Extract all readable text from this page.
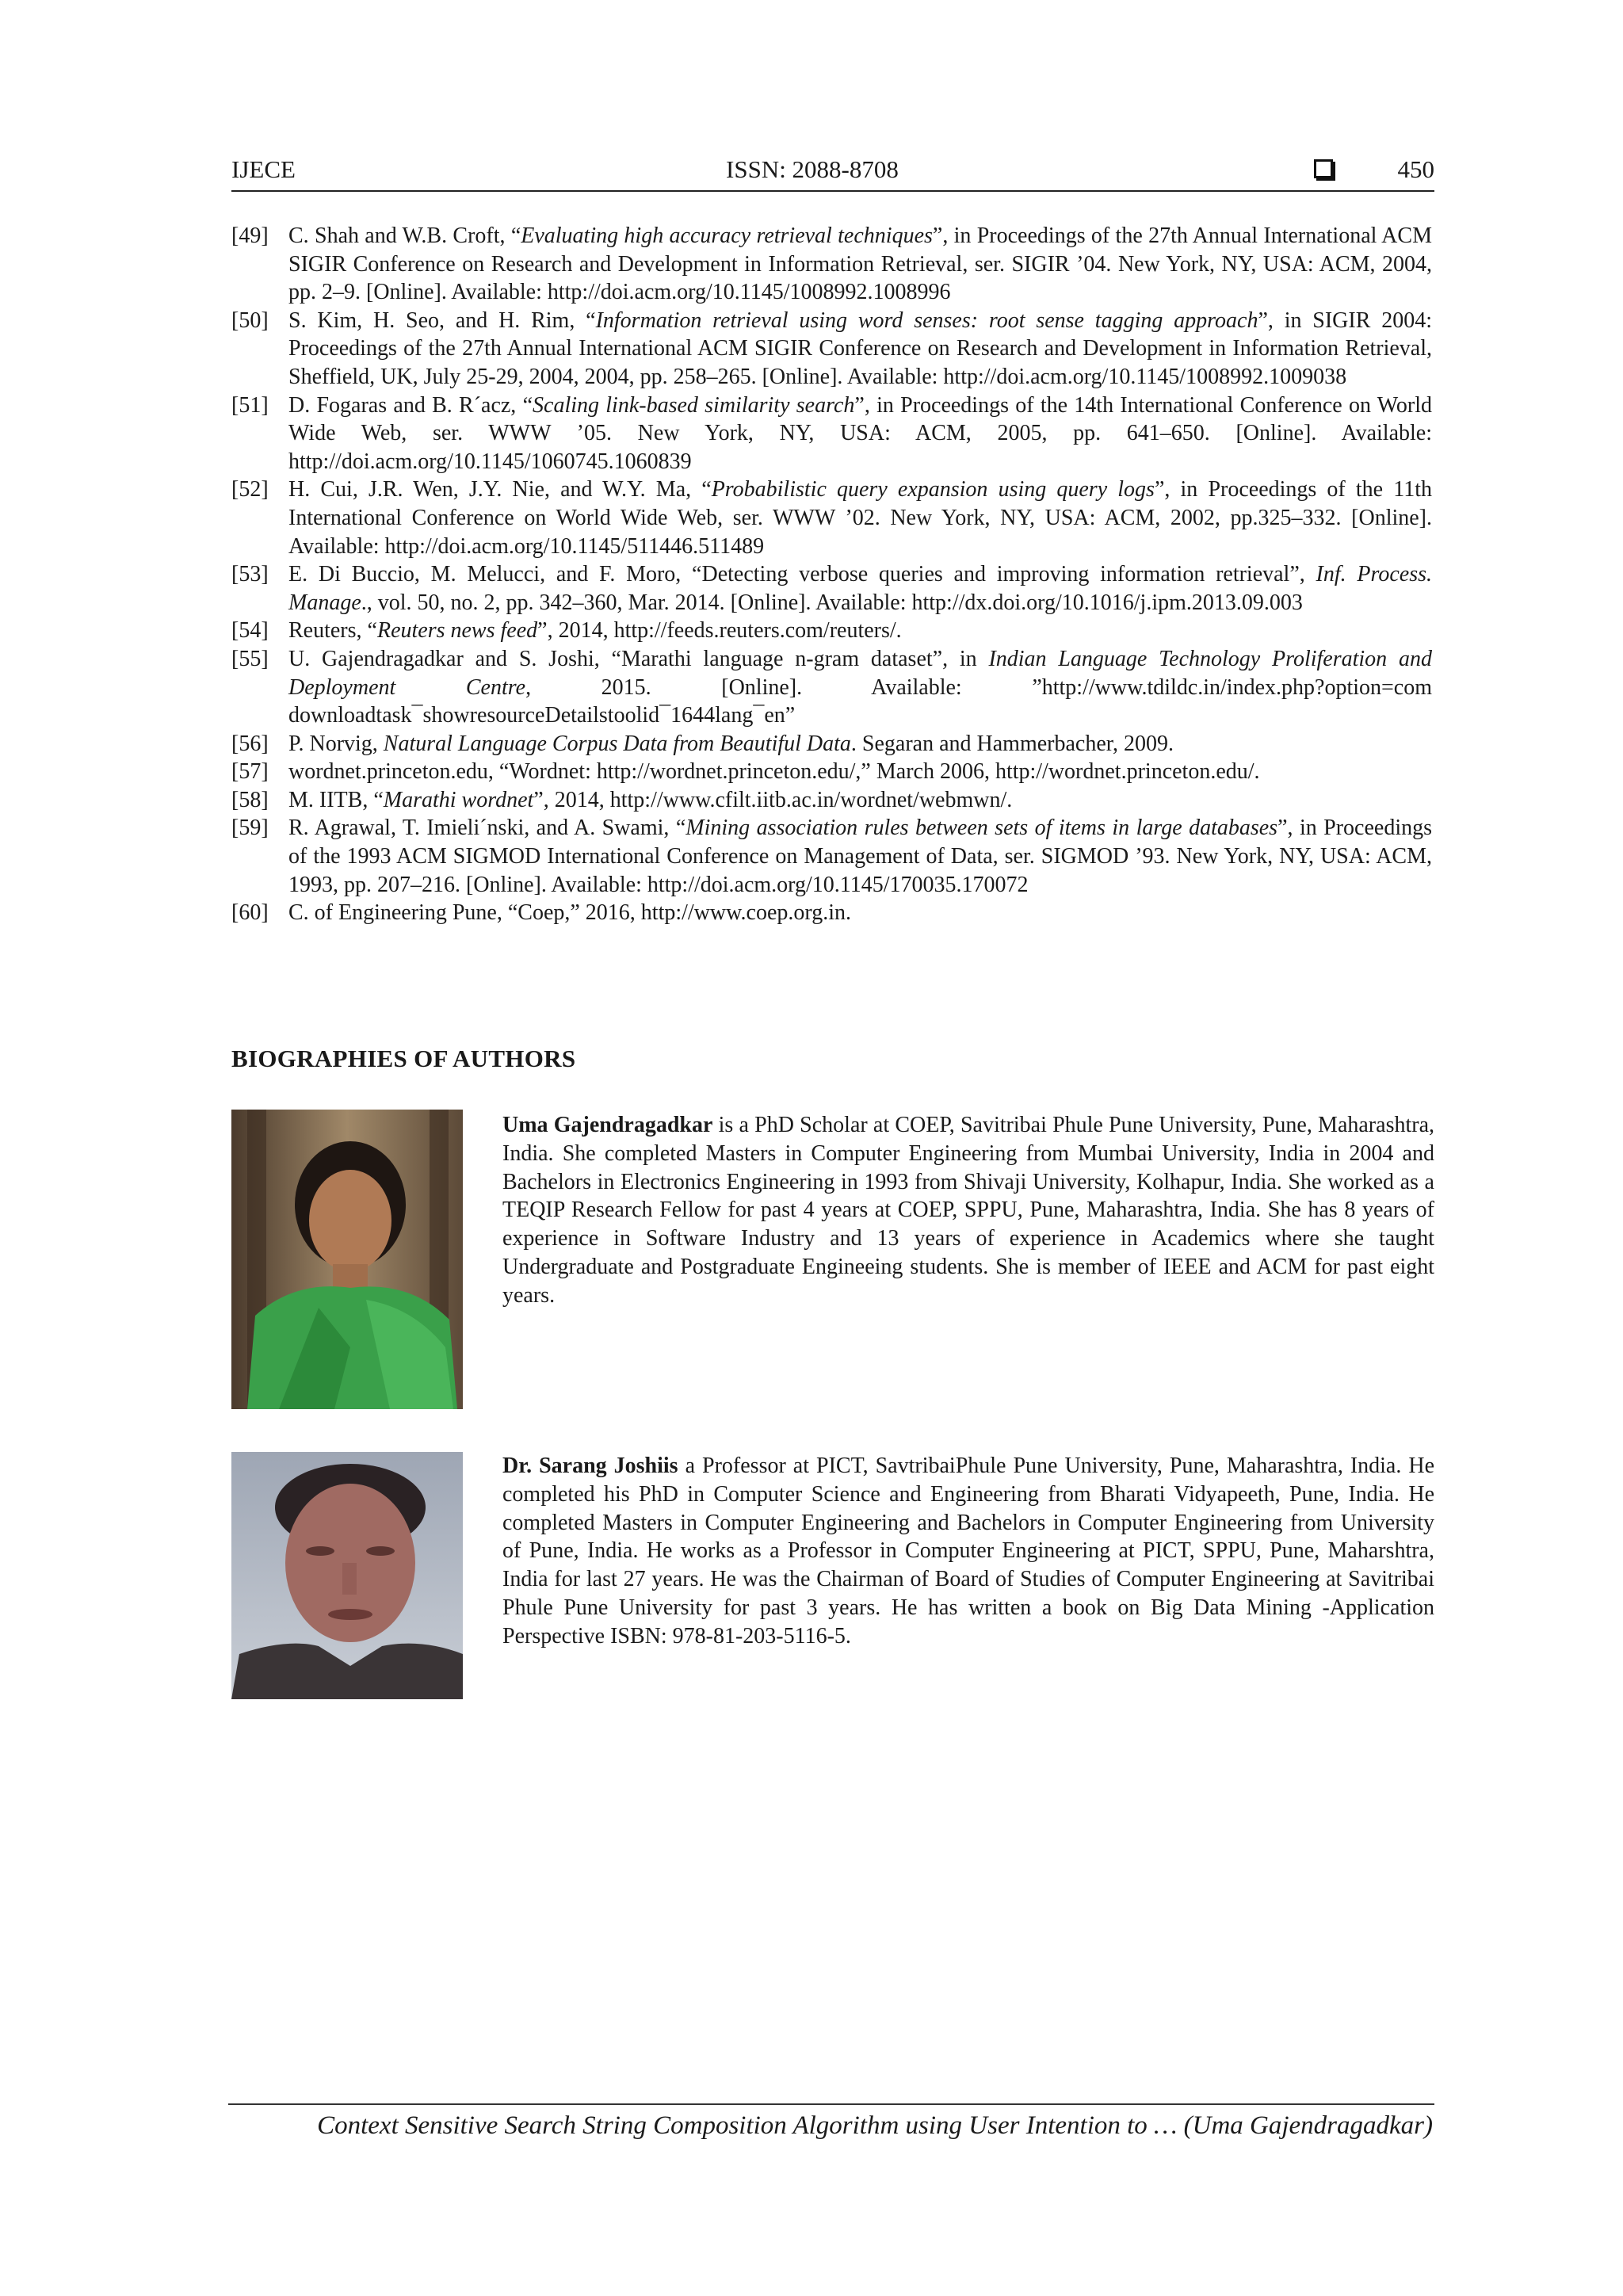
IJECE	ISSN: 2088-8708	450
[49] C. Shah and W.B. Croft, “Evaluating high accuracy retrieval techniques”, in Proceedings of the 27th Annual International ACM SIGIR Conference on Research and Development in Information Retrieval, ser. SIGIR ’04. New York, NY, USA: ACM, 2004, pp. 2–9. [Online]. Available: http://doi.acm.org/10.1145/1008992.1008996
[50] S. Kim, H. Seo, and H. Rim, “Information retrieval using word senses: root sense tagging approach”, in SIGIR 2004: Proceedings of the 27th Annual International ACM SIGIR Conference on Research and Development in Information Retrieval, Sheffield, UK, July 25-29, 2004, 2004, pp. 258–265. [Online]. Available: http://doi.acm.org/10.1145/1008992.1009038
[51] D. Fogaras and B. R´acz, “Scaling link-based similarity search”, in Proceedings of the 14th International Conference on World Wide Web, ser. WWW ’05. New York, NY, USA: ACM, 2005, pp. 641–650. [Online]. Available: http://doi.acm.org/10.1145/1060745.1060839
[52] H. Cui, J.R. Wen, J.Y. Nie, and W.Y. Ma, “Probabilistic query expansion using query logs”, in Proceedings of the 11th International Conference on World Wide Web, ser. WWW ’02. New York, NY, USA: ACM, 2002, pp.325–332. [Online]. Available: http://doi.acm.org/10.1145/511446.511489
[53] E. Di Buccio, M. Melucci, and F. Moro, “Detecting verbose queries and improving information retrieval”, Inf. Process. Manage., vol. 50, no. 2, pp. 342–360, Mar. 2014. [Online]. Available: http://dx.doi.org/10.1016/j.ipm.2013.09.003
[54] Reuters, “Reuters news feed”, 2014, http://feeds.reuters.com/reuters/.
[55] U. Gajendragadkar and S. Joshi, “Marathi language n-gram dataset”, in Indian Language Technology Proliferation and Deployment Centre, 2015. [Online]. Available: ”http://www.tdildc.in/index.php?option=com downloadtask¯showresourceDetailstoolid¯1644lang¯en”
[56] P. Norvig, Natural Language Corpus Data from Beautiful Data. Segaran and Hammerbacher, 2009.
[57] wordnet.princeton.edu, “Wordnet: http://wordnet.princeton.edu/,” March 2006, http://wordnet.princeton.edu/.
[58] M. IITB, “Marathi wordnet”, 2014, http://www.cfilt.iitb.ac.in/wordnet/webmwn/.
[59] R. Agrawal, T. Imieli´nski, and A. Swami, “Mining association rules between sets of items in large databases”, in Proceedings of the 1993 ACM SIGMOD International Conference on Management of Data, ser. SIGMOD ’93. New York, NY, USA: ACM, 1993, pp. 207–216. [Online]. Available: http://doi.acm.org/10.1145/170035.170072
[60] C. of Engineering Pune, “Coep,” 2016, http://www.coep.org.in.
BIOGRAPHIES OF AUTHORS
Uma Gajendragadkar is a PhD Scholar at COEP, Savitribai Phule Pune University, Pune, Maharashtra, India. She completed Masters in Computer Engineering from Mumbai University, India in 2004 and Bachelors in Electronics Engineering in 1993 from Shivaji University, Kolhapur, India. She worked as a TEQIP Research Fellow for past 4 years at COEP, SPPU, Pune, Maharashtra, India. She has 8 years of experience in Software Industry and 13 years of experience in Academics where she taught Undergraduate and Postgraduate Engineeing students. She is member of IEEE and ACM for past eight years.
Dr. Sarang Joshiis a Professor at PICT, SavtribaiPhule Pune University, Pune, Maharashtra, India. He completed his PhD in Computer Science and Engineering from Bharati Vidyapeeth, Pune, India. He completed Masters in Computer Engineering and Bachelors in Computer Engineering from University of Pune, India. He works as a Professor in Computer Engineering at PICT, SPPU, Pune, Maharshtra, India for last 27 years. He was the Chairman of Board of Studies of Computer Engineering at Savitribai Phule Pune University for past 3 years. He has written a book on Big Data Mining -Application Perspective ISBN: 978-81-203-5116-5.
Context Sensitive Search String Composition Algorithm using User Intention to … (Uma Gajendragadkar)
